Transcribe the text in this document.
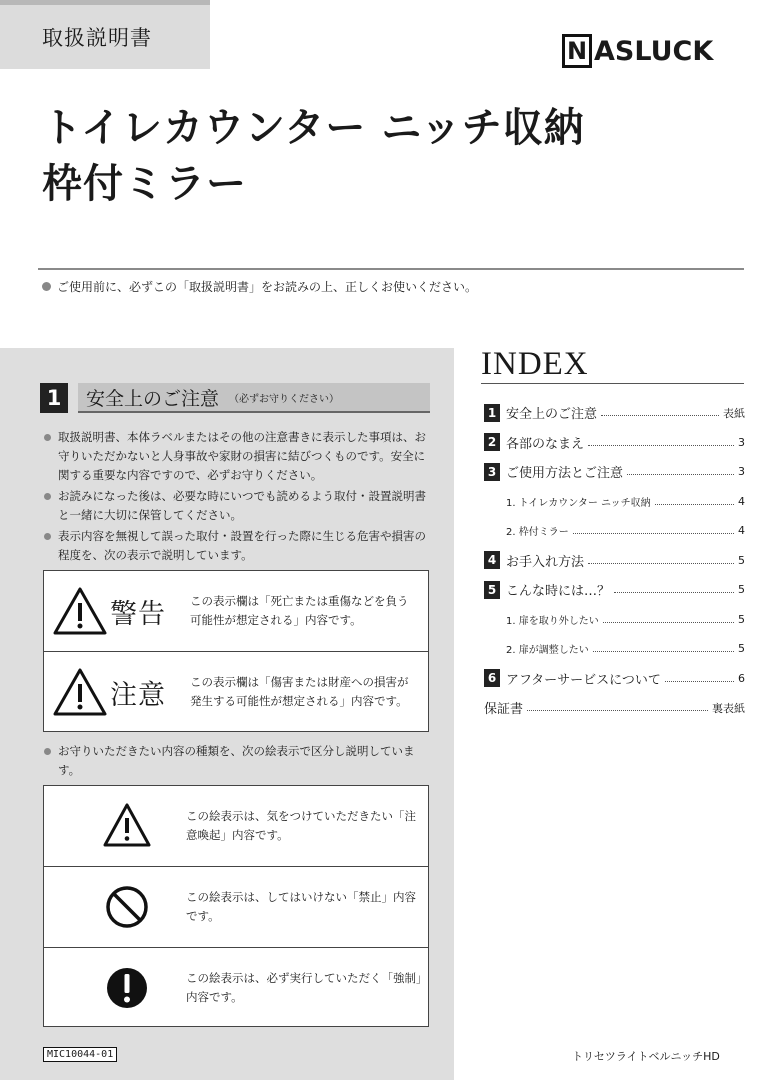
取扱説明書	N ASLUCK
トイレカウンター ニッチ収納
枠付ミラー
ご使用前に、必ずこの「取扱説明書」をお読みの上、正しくお使いください。
1	安全上のご注意 （必ずお守りください）
取扱説明書、本体ラベルまたはその他の注意書きに表示した事項は、お守りいただかないと人身事故や家財の損害に結びつくものです。安全に関する重要な内容ですので、必ずお守りください。
お読みになった後は、必要な時にいつでも読めるよう取付・設置説明書と一緒に大切に保管してください。
表示内容を無視して誤った取付・設置を行った際に生じる危害や損害の程度を、次の表示で説明しています。
警告	この表示欄は「死亡または重傷などを負う可能性が想定される」内容です。
注意	この表示欄は「傷害または財産への損害が発生する可能性が想定される」内容です。
お守りいただきたい内容の種類を、次の絵表示で区分し説明しています。
この絵表示は、気をつけていただきたい「注意喚起」内容です。
この絵表示は、してはいけない「禁止」内容です。
この絵表示は、必ず実行していただく「強制」内容です。
MIC10044-01
INDEX
1 安全上のご注意	表紙
2 各部のなまえ	3
3 ご使用方法とご注意	3
1. トイレカウンター ニッチ収納	4
2. 枠付ミラー	4
4 お手入れ方法	5
5 こんな時には…？	5
1. 扉を取り外したい	5
2. 扉が調整したい	5
6 アフターサービスについて	6
保証書	裏表紙
トリセツライトベルニッチHD
